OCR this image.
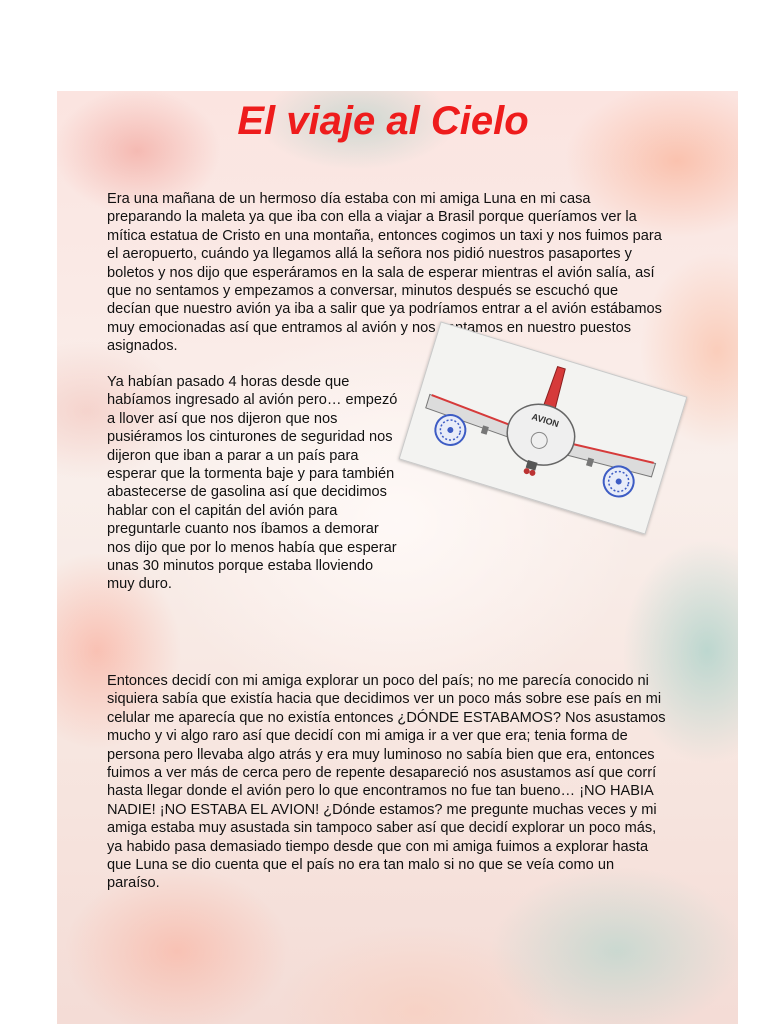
El viaje al Cielo

Era una mañana de un hermoso día estaba con mi amiga Luna en mi casa preparando la maleta ya que iba con ella a viajar a Brasil porque queríamos ver la mítica estatua de Cristo en una montaña, entonces cogimos un taxi y nos fuimos para el aeropuerto, cuándo ya llegamos allá la señora nos pidió nuestros pasaportes y boletos y nos dijo que esperáramos en la sala de esperar mientras el avión salía, así que no sentamos y empezamos a conversar, minutos después se escuchó que decían que nuestro avión ya iba a salir que ya podríamos entrar a el avión estábamos muy emocionadas así que entramos al avión y nos sentamos en nuestro puestos asignados.

Ya habían pasado 4 horas desde que habíamos ingresado al avión pero… empezó a llover así que nos dijeron que nos pusiéramos los cinturones de seguridad nos dijeron que iban a parar a un país para esperar que la tormenta baje y para también abastecerse de gasolina así que decidimos hablar con el capitán del avión para preguntarle cuanto nos íbamos a demorar nos dijo que por lo menos había que esperar unas 30 minutos porque estaba lloviendo muy duro.

AVION

Entonces decidí con mi amiga explorar un poco del país; no me parecía conocido ni siquiera sabía que existía hacia que decidimos ver un poco más sobre ese país en mi celular me aparecía que no existía entonces ¿DÓNDE ESTABAMOS? Nos asustamos mucho y vi algo raro así que decidí con mi amiga ir a ver que era; tenia forma de persona pero llevaba algo atrás y era muy luminoso no sabía bien que era, entonces fuimos a ver más de cerca pero de repente desapareció nos asustamos así que corrí hasta llegar donde el avión pero lo que encontramos no fue tan bueno… ¡NO HABIA NADIE! ¡NO ESTABA EL AVION! ¿Dónde estamos? me pregunte muchas veces y mi amiga estaba muy asustada sin tampoco saber así que decidí explorar un poco más, ya habido pasa demasiado tiempo desde que con mi amiga fuimos a explorar hasta que Luna se dio cuenta que el país no era tan malo si no que se veía como un paraíso.
